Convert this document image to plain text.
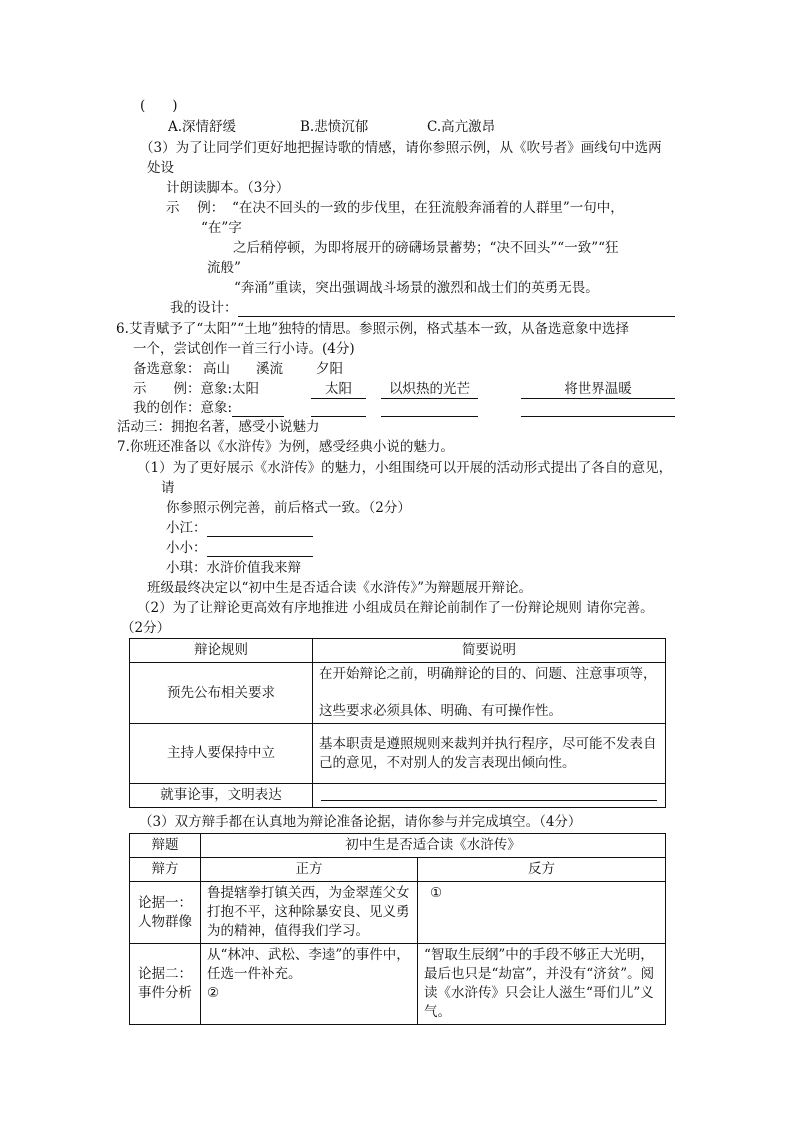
(　　)
A.深情舒缓	B.悲愤沉郁	C.高亢激昂
（3）为了让同学们更好地把握诗歌的情感，请你参照示例，从《吹号者》画线句中选两
处设
计朗读脚本。（3分）
示　 例： “在决不回头的一致的步伐里，在狂流般奔涌着的人群里”一句中，
“在”字
之后稍停顿，为即将展开的磅礴场景蓄势；“决不回头”“一致”“狂
流般”
“奔涌”重读，突出强调战斗场景的激烈和战士们的英勇无畏。
我的设计：
6.艾青赋予了“太阳”“土地”独特的情思。参照示例，格式基本一致，从备选意象中选择
一个，尝试创作一首三行小诗。(4分)
备选意象： 高山 溪流 夕阳
示　　例：意象:太阳	太阳	以炽热的光芒	将世界温暖
我的创作：意象:
活动三：拥抱名著，感受小说魅力
7.你班还准备以《水浒传》为例，感受经典小说的魅力。
（1）为了更好展示《水浒传》的魅力，小组围绕可以开展的活动形式提出了各自的意见，
请
你参照示例完善，前后格式一致。（2分）
小江：
小小：
小琪：水浒价值我来辩
班级最终决定以“初中生是否适合读《水浒传》”为辩题展开辩论。
（2）为了让辩论更高效有序地推进 小组成员在辩论前制作了一份辩论规则 请你完善。
（2分）
辩论规则	简要说明
预先公布相关要求	在开始辩论之前，明确辩论的目的、问题、注意事项等，
这些要求必须具体、明确、有可操作性。

主持人要保持中立	基本职责是遵照规则来裁判并执行程序，尽可能不发表自
己的意见，不对别人的发言表现出倾向性。

就事论事，文明表达	
（3）双方辩手都在认真地为辩论准备论据，请你参与并完成填空。（4分）
辩题	初中生是否适合读《水浒传》	
辩方	正方	反方
论据一：人物群像	鲁提辖拳打镇关西，为金翠莲父女打抱不平，这种除暴安良、见义勇为的精神，值得我们学习。	①
论据二：事件分析	从“林冲、武松、李逵”的事件中，任选一件补充。
②	“智取生辰纲”中的手段不够正大光明，最后也只是“劫富”，并没有“济贫”。阅读《水浒传》只会让人滋生“哥们儿”义气。
